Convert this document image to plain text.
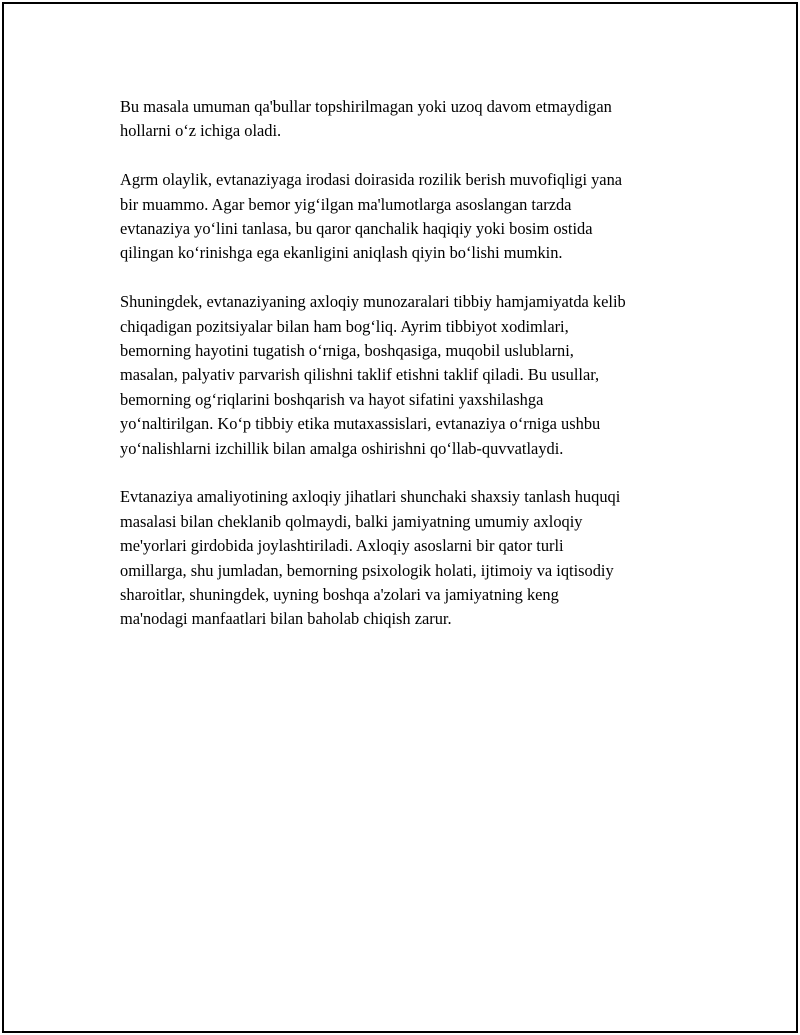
Bu masala umuman qa'bullar topshirilmagan yoki uzoq davom etmaydigan
hollarni o‘z ichiga oladi.

Agrm olaylik, evtanaziyaga irodasi doirasida rozilik berish muvofiqligi yana
bir muammo. Agar bemor yig‘ilgan ma'lumotlarga asoslangan tarzda
evtanaziya yo‘lini tanlasa, bu qaror qanchalik haqiqiy yoki bosim ostida
qilingan ko‘rinishga ega ekanligini aniqlash qiyin bo‘lishi mumkin.

Shuningdek, evtanaziyaning axloqiy munozaralari tibbiy hamjamiyatda kelib
chiqadigan pozitsiyalar bilan ham bog‘liq. Ayrim tibbiyot xodimlari,
bemorning hayotini tugatish o‘rniga, boshqasiga, muqobil uslublarni,
masalan, palyativ parvarish qilishni taklif etishni taklif qiladi. Bu usullar,
bemorning og‘riqlarini boshqarish va hayot sifatini yaxshilashga
yo‘naltirilgan. Ko‘p tibbiy etika mutaxassislari, evtanaziya o‘rniga ushbu
yo‘nalishlarni izchillik bilan amalga oshirishni qo‘llab-quvvatlaydi.

Evtanaziya amaliyotining axloqiy jihatlari shunchaki shaxsiy tanlash huquqi
masalasi bilan cheklanib qolmaydi, balki jamiyatning umumiy axloqiy
me'yorlari girdobida joylashtiriladi. Axloqiy asoslarni bir qator turli
omillarga, shu jumladan, bemorning psixologik holati, ijtimoiy va iqtisodiy
sharoitlar, shuningdek, uyning boshqa a'zolari va jamiyatning keng
ma'nodagi manfaatlari bilan baholab chiqish zarur.
